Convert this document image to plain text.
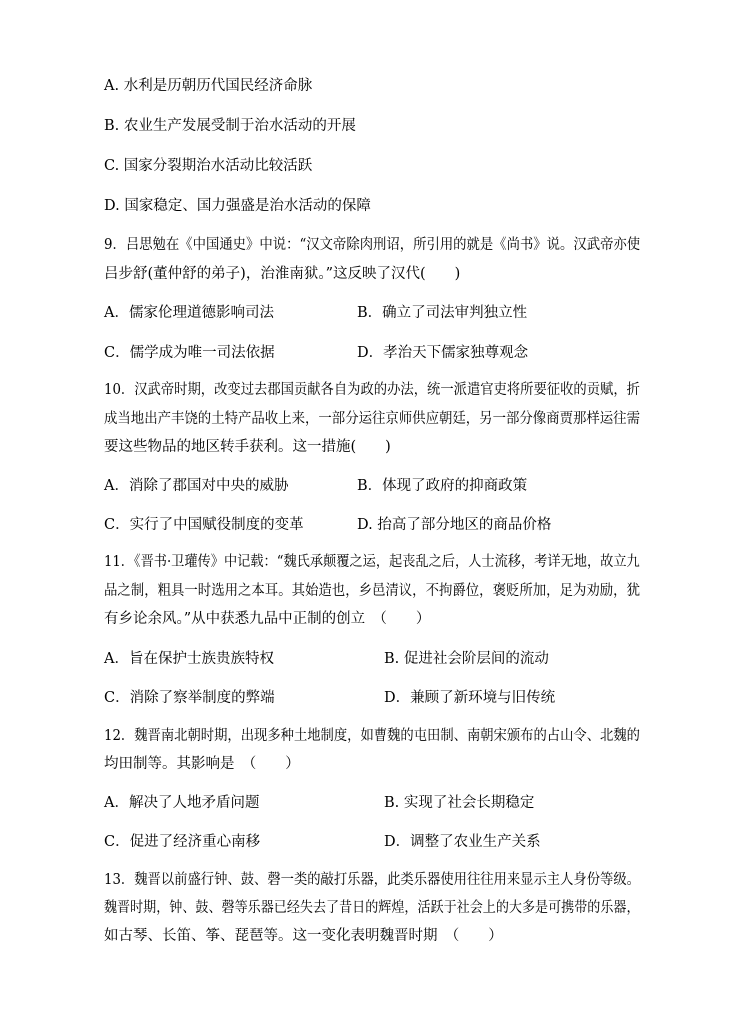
A. 水利是历朝历代国民经济命脉
B. 农业生产发展受制于治水活动的开展
C. 国家分裂期治水活动比较活跃
D. 国家稳定、国力强盛是治水活动的保障
9．吕思勉在《中国通史》中说：“汉文帝除肉刑诏，所引用的就是《尚书》说。汉武帝亦使
吕步舒(董仲舒的弟子)，治淮南狱。”这反映了汉代(　　)
A．儒家伦理道德影响司法	B．确立了司法审判独立性
C．儒学成为唯一司法依据	D．孝治天下儒家独尊观念
10．汉武帝时期，改变过去郡国贡献各自为政的办法，统一派遣官吏将所要征收的贡赋，折
成当地出产丰饶的土特产品收上来，一部分运往京师供应朝廷，另一部分像商贾那样运往需
要这些物品的地区转手获利。这一措施(　　)
A．消除了郡国对中央的威胁	B．体现了政府的抑商政策
C．实行了中国赋役制度的变革	D. 抬高了部分地区的商品价格
11．《晋书·卫瓘传》中记载：“魏氏承颠覆之运，起丧乱之后，人士流移，考详无地，故立九
品之制，粗具一时选用之本耳。其始造也，乡邑清议，不拘爵位，褒贬所加，足为劝励，犹
有乡论余风。”从中获悉九品中正制的创立　（　　）
A．旨在保护士族贵族特权	B. 促进社会阶层间的流动
C．消除了察举制度的弊端	D．兼顾了新环境与旧传统
12．魏晋南北朝时期，出现多种土地制度，如曹魏的屯田制、南朝宋颁布的占山令、北魏的
均田制等。其影响是　（　　）
A．解决了人地矛盾问题	B. 实现了社会长期稳定
C．促进了经济重心南移	D．调整了农业生产关系
13．魏晋以前盛行钟、鼓、磬一类的敲打乐器，此类乐器使用往往用来显示主人身份等级。
魏晋时期，钟、鼓、磬等乐器已经失去了昔日的辉煌，活跃于社会上的大多是可携带的乐器，
如古琴、长笛、筝、琵琶等。这一变化表明魏晋时期　（　　）
